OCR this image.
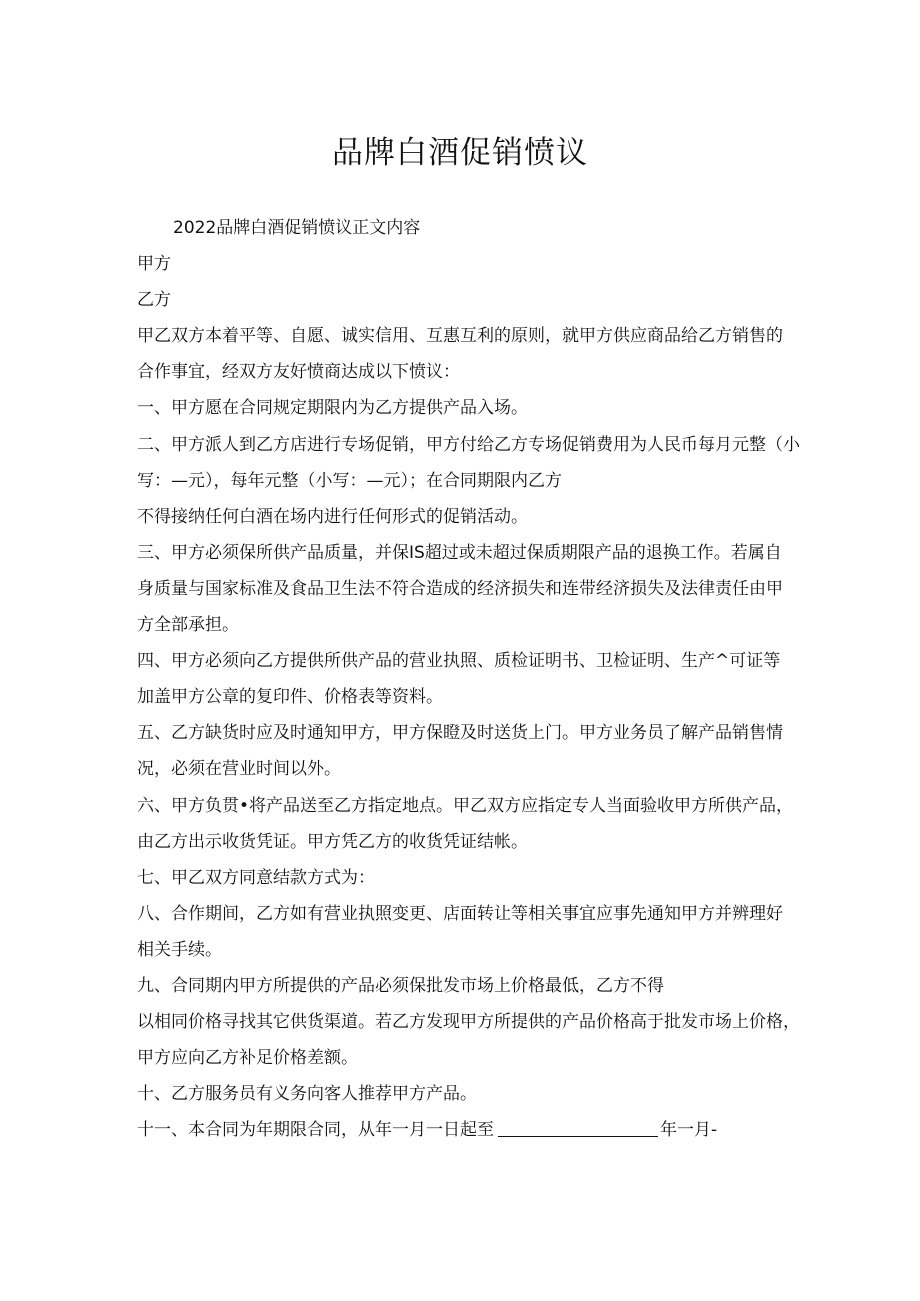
品牌白酒促销愤议
2022品牌白酒促销愤议正文内容
甲方
乙方
甲乙双方本着平等、自愿、诚实信用、互惠互利的原则，就甲方供应商品给乙方销售的
合作事宜，经双方友好愤商达成以下愤议：
一、甲方愿在合同规定期限内为乙方提供产品入场。
二、甲方派人到乙方店进行专场促销，甲方付给乙方专场促销费用为人民币每月元整（小
写：—元），每年元整（小写：—元）；在合同期限内乙方
不得接纳任何白酒在场内进行任何形式的促销活动。
三、甲方必须保所供产品质量，并保IS超过或未超过保质期限产品的退换工作。若属自
身质量与国家标准及食品卫生法不符合造成的经济损失和连带经济损失及法律责任由甲
方全部承担。
四、甲方必须向乙方提供所供产品的营业执照、质检证明书、卫检证明、生产^可证等
加盖甲方公章的复印件、价格表等资料。
五、乙方缺货时应及时通知甲方，甲方保瞪及时送货上门。甲方业务员了解产品销售情
况，必须在营业时间以外。
六、甲方负贯•将产品送至乙方指定地点。甲乙双方应指定专人当面验收甲方所供产品，
由乙方出示收货凭证。甲方凭乙方的收货凭证结帐。
七、甲乙双方同意结款方式为：
八、合作期间，乙方如有营业执照变更、店面转让等相关事宜应事先通知甲方并辨理好
相关手续。
九、合同期内甲方所提供的产品必须保批发市场上价格最低，乙方不得
以相同价格寻找其它供货渠道。若乙方发现甲方所提供的产品价格高于批发市场上价格，
甲方应向乙方补足价格差额。
十、乙方服务员有义务向客人推荐甲方产品。
十一、本合同为年期限合同，从年一月一日起至	年一月-
